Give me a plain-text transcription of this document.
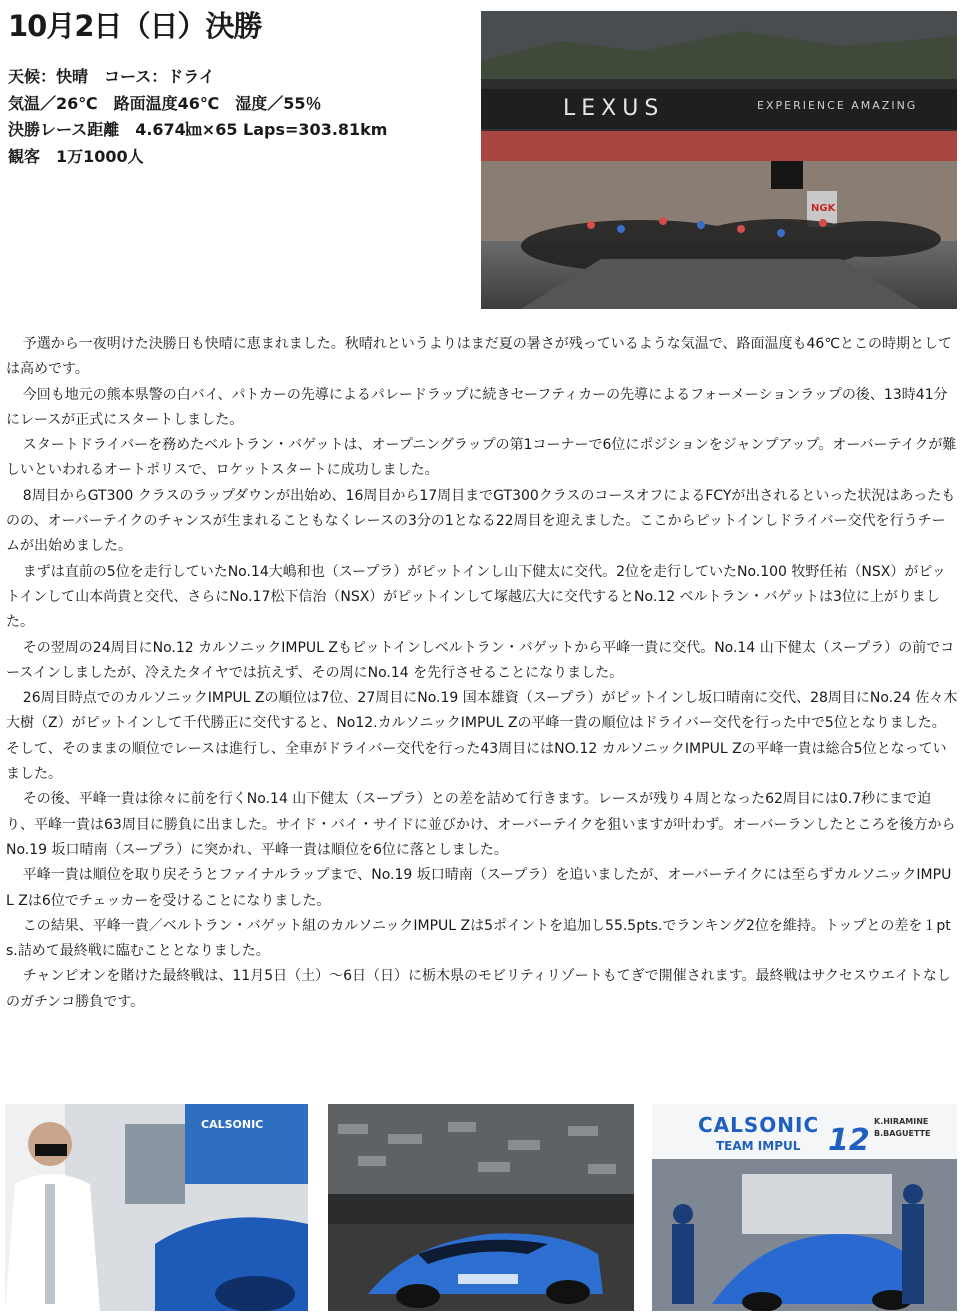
10月2日（日）決勝
天候：快晴　コース：ドライ
気温／26℃　路面温度46℃　湿度／55％
決勝レース距離　4.674㎞×65 Laps=303.81km
観客　1万1000人
LEXUS	EXPERIENCE AMAZING
NGK

予選から一夜明けた決勝日も快晴に恵まれました。秋晴れというよりはまだ夏の暑さが残っているような気温で、路面温度も46℃とこの時期としては高めです。

今回も地元の熊本県警の白バイ、パトカーの先導によるパレードラップに続きセーフティカーの先導によるフォーメーションラップの後、13時41分にレースが正式にスタートしました。

スタートドライバーを務めたベルトラン・バゲットは、オープニングラップの第1コーナーで6位にポジションをジャンプアップ。オーバーテイクが難しいといわれるオートポリスで、ロケットスタートに成功しました。

8周目からGT300 クラスのラップダウンが出始め、16周目から17周目までGT300クラスのコースオフによるFCYが出されるといった状況はあったものの、オーバーテイクのチャンスが生まれることもなくレースの3分の1となる22周目を迎えました。ここからピットインしドライバー交代を行うチームが出始めました。

まずは直前の5位を走行していたNo.14大嶋和也（スープラ）がピットインし山下健太に交代。2位を走行していたNo.100 牧野任祐（NSX）がピットインして山本尚貴と交代、さらにNo.17松下信治（NSX）がピットインして塚越広大に交代するとNo.12 ベルトラン・バゲットは3位に上がりました。

その翌周の24周目にNo.12 カルソニックIMPUL Zもピットインしベルトラン・バゲットから平峰一貴に交代。No.14 山下健太（スープラ）の前でコースインしましたが、冷えたタイヤでは抗えず、その周にNo.14 を先行させることになりました。

26周目時点でのカルソニックIMPUL Zの順位は7位、27周目にNo.19 国本雄資（スープラ）がピットインし坂口晴南に交代、28周目にNo.24 佐々木大樹（Z）がピットインして千代勝正に交代すると、No12.カルソニックIMPUL Zの平峰一貴の順位はドライバー交代を行った中で5位となりました。そして、そのままの順位でレースは進行し、全車がドライバー交代を行った43周目にはNO.12 カルソニックIMPUL Zの平峰一貴は総合5位となっていました。

その後、平峰一貴は徐々に前を行くNo.14 山下健太（スープラ）との差を詰めて行きます。レースが残り４周となった62周目には0.7秒にまで迫り、平峰一貴は63周目に勝負に出ました。サイド・バイ・サイドに並びかけ、オーバーテイクを狙いますが叶わず。オーバーランしたところを後方からNo.19 坂口晴南（スープラ）に突かれ、平峰一貴は順位を6位に落としました。

平峰一貴は順位を取り戻そうとファイナルラップまで、No.19 坂口晴南（スープラ）を追いましたが、オーバーテイクには至らずカルソニックIMPUL Zは6位でチェッカーを受けることになりました。

この結果、平峰一貴／ベルトラン・バゲット組のカルソニックIMPUL Zは5ポイントを追加し55.5pts.でランキング2位を維持。トップとの差を１pts.詰めて最終戦に臨むこととなりました。

チャンピオンを賭けた最終戦は、11月5日（土）～6日（日）に栃木県のモビリティリゾートもてぎで開催されます。最終戦はサクセスウエイトなしのガチンコ勝負です。

CALSONIC	CALSONIC
TEAM IMPUL 12
K.HIRAMINE
B.BAGUETTE
